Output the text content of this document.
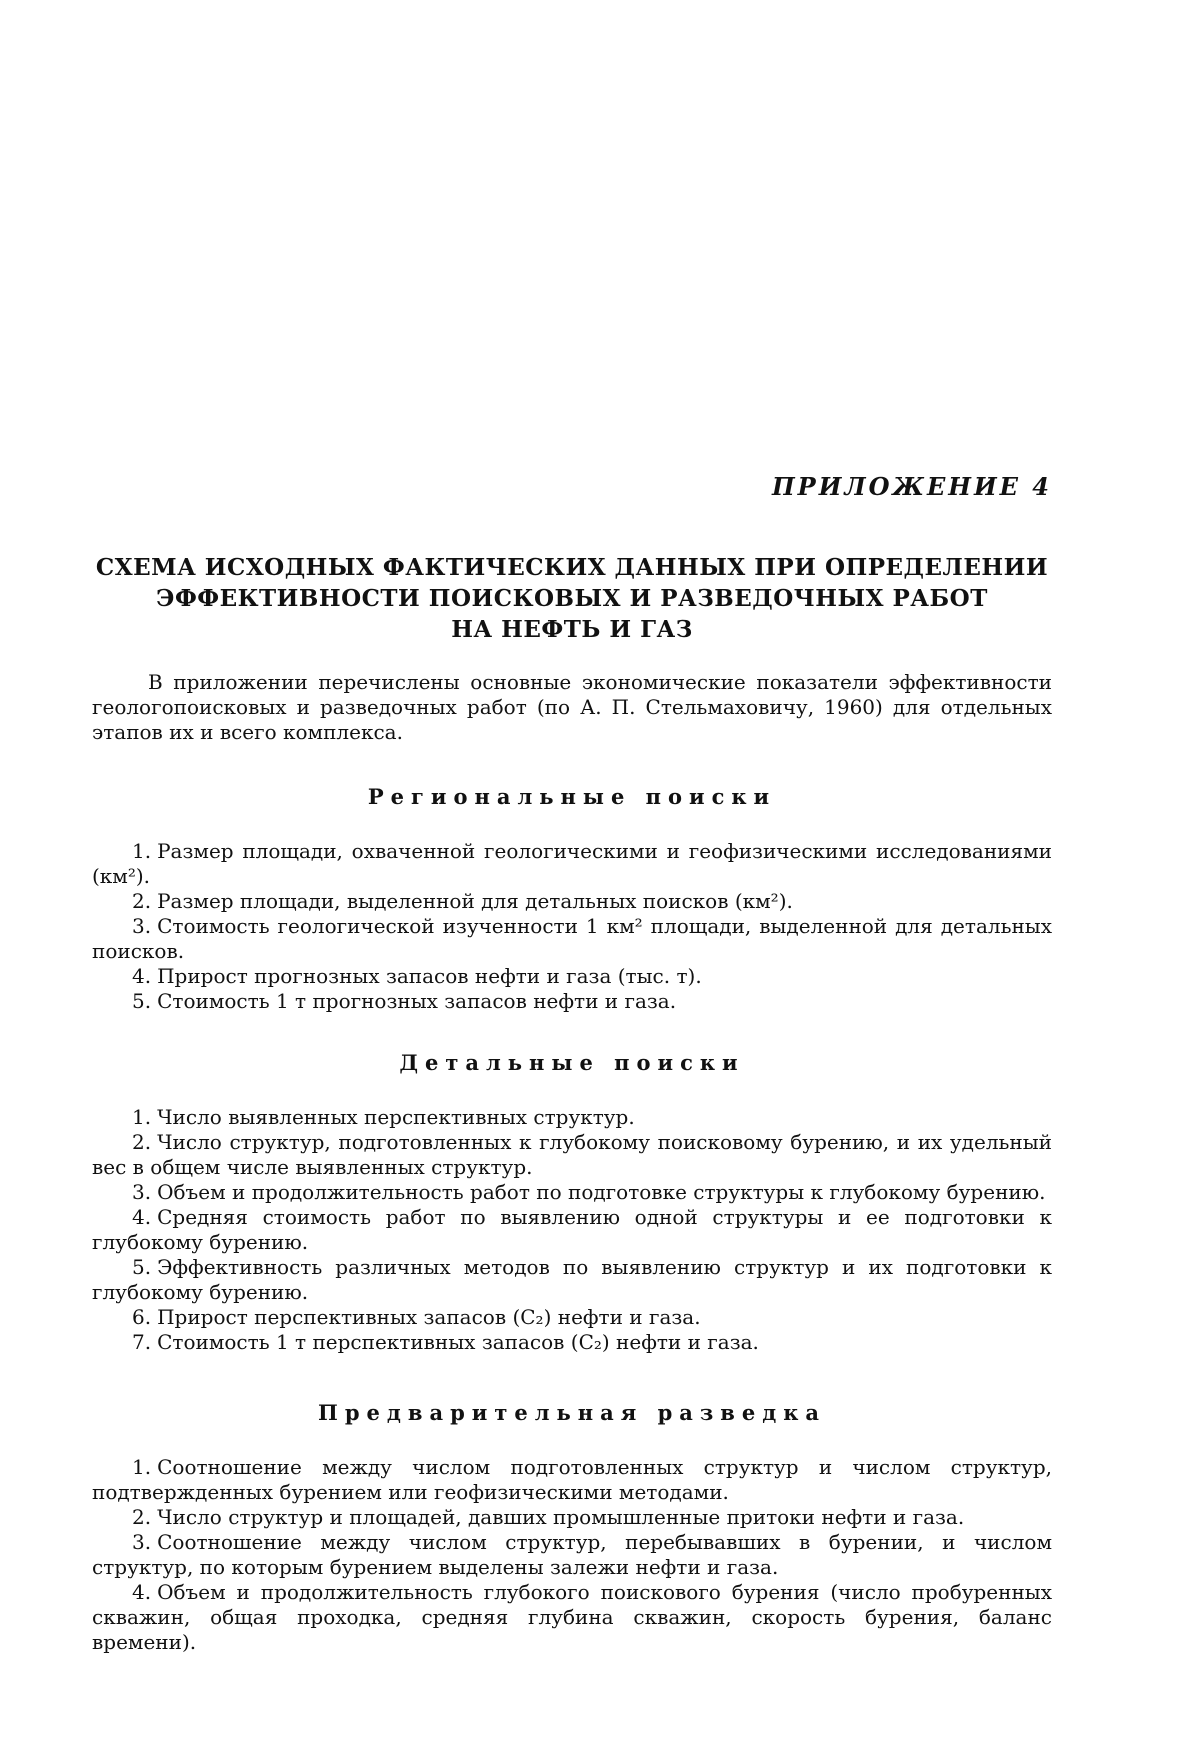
ПРИЛОЖЕНИЕ 4
СХЕМА ИСХОДНЫХ ФАКТИЧЕСКИХ ДАННЫХ ПРИ ОПРЕДЕЛЕНИИ
ЭФФЕКТИВНОСТИ ПОИСКОВЫХ И РАЗВЕДОЧНЫХ РАБОТ
НА НЕФТЬ И ГАЗ

В приложении перечислены основные экономические показатели эффективности геологопоисковых и разведочных работ (по А. П. Стельмаховичу, 1960) для отдельных этапов их и всего комплекса.

Региональные поиски
1. Размер площади, охваченной геологическими и геофизическими исследованиями (км²).
2. Размер площади, выделенной для детальных поисков (км²).
3. Стоимость геологической изученности 1 км² площади, выделенной для детальных поисков.
4. Прирост прогнозных запасов нефти и газа (тыс. т).
5. Стоимость 1 т прогнозных запасов нефти и газа.
Детальные поиски
1. Число выявленных перспективных структур.
2. Число структур, подготовленных к глубокому поисковому бурению, и их удельный вес в общем числе выявленных структур.
3. Объем и продолжительность работ по подготовке структуры к глубокому бурению.
4. Средняя стоимость работ по выявлению одной структуры и ее подготовки к глубокому бурению.
5. Эффективность различных методов по выявлению структур и их подготовки к глубокому бурению.
6. Прирост перспективных запасов (C₂) нефти и газа.
7. Стоимость 1 т перспективных запасов (C₂) нефти и газа.
Предварительная разведка
1. Соотношение между числом подготовленных структур и числом структур, подтвержденных бурением или геофизическими методами.
2. Число структур и площадей, давших промышленные притоки нефти и газа.
3. Соотношение между числом структур, перебывавших в бурении, и числом структур, по которым бурением выделены залежи нефти и газа.
4. Объем и продолжительность глубокого поискового бурения (число пробуренных скважин, общая проходка, средняя глубина скважин, скорость бурения, баланс времени).
